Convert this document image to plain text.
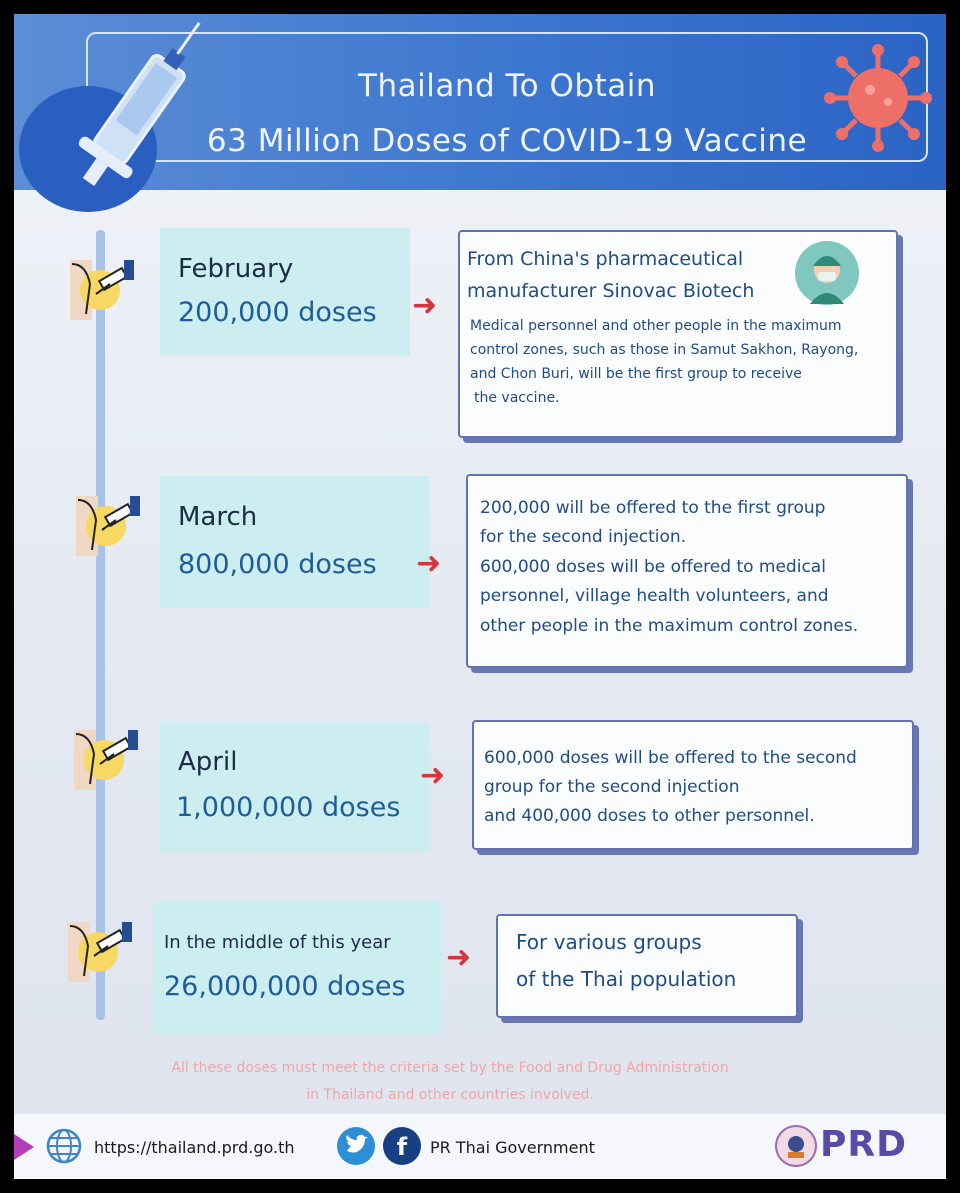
Thailand To Obtain
63 Million Doses of COVID-19 Vaccine
February
200,000 doses ➜
From China's pharmaceutical
manufacturer Sinovac Biotech
Medical personnel and other people in the maximum
control zones, such as those in Samut Sakhon, Rayong,
and Chon Buri, will be the first group to receive
the vaccine.
March
800,000 doses ➜
200,000 will be offered to the first group
for the second injection.
600,000 doses will be offered to medical
personnel, village health volunteers, and
other people in the maximum control zones.
April
1,000,000 doses
➜ 600,000 doses will be offered to the second
group for the second injection
and 400,000 doses to other personnel.
In the middle of this year
26,000,000 doses
➜ For various groups
of the Thai population
All these doses must meet the criteria set by the Food and Drug Administration
in Thailand and other countries involved.
https://thailand.prd.go.th	f PR Thai Government	PRD
